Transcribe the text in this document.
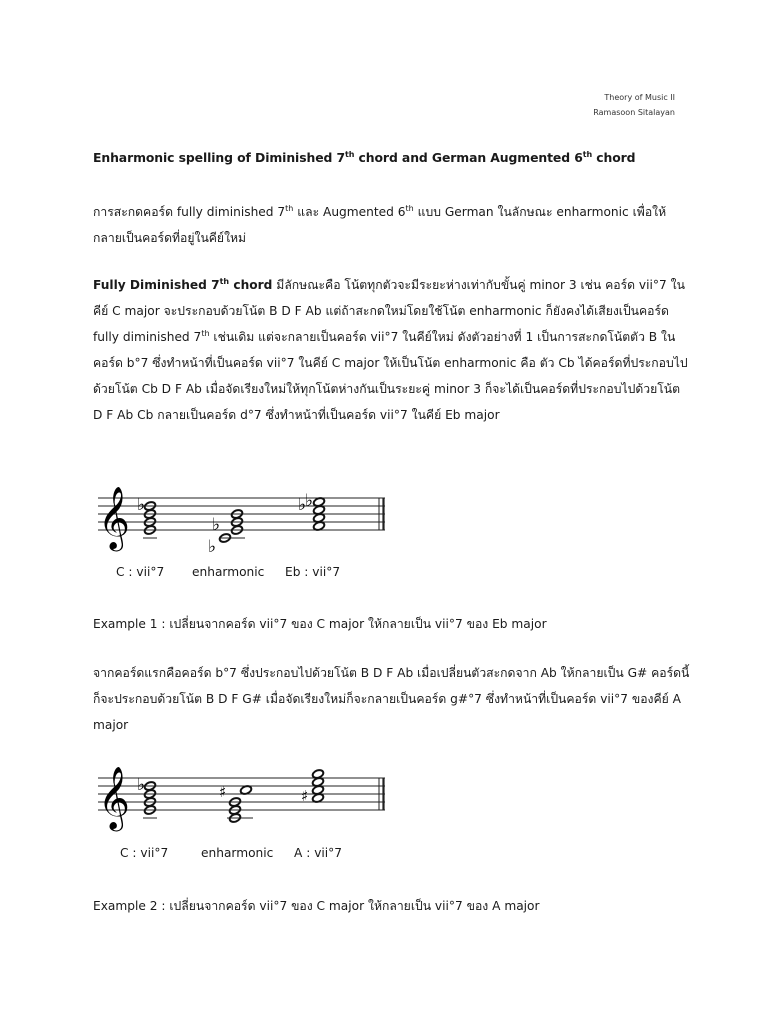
Theory of Music II
Ramasoon Sitalayan
Enharmonic spelling of Diminished 7th chord and German Augmented 6th chord
การสะกดคอร์ด fully diminished 7th และ Augmented 6th แบบ German ในลักษณะ enharmonic เพื่อให้กลายเป็นคอร์ดที่อยู่ในคีย์ใหม่
Fully Diminished 7th chord มีลักษณะคือ โน้ตทุกตัวจะมีระยะห่างเท่ากับขั้นคู่ minor 3 เช่น คอร์ด vii°7 ในคีย์ C major จะประกอบด้วยโน้ต B D F Ab แต่ถ้าสะกดใหม่โดยใช้โน้ต enharmonic ก็ยังคงได้เสียงเป็นคอร์ด fully diminished 7th เช่นเดิม แต่จะกลายเป็นคอร์ด vii°7 ในคีย์ใหม่ ดังตัวอย่างที่ 1 เป็นการสะกดโน้ตตัว B ในคอร์ด b°7 ซึ่งทำหน้าที่เป็นคอร์ด vii°7 ในคีย์ C major ให้เป็นโน้ต enharmonic คือ ตัว Cb ได้คอร์ดที่ประกอบไปด้วยโน้ต Cb D F Ab เมื่อจัดเรียงใหม่ให้ทุกโน้ตห่างกันเป็นระยะคู่ minor 3 ก็จะได้เป็นคอร์ดที่ประกอบไปด้วยโน้ต D F Ab Cb กลายเป็นคอร์ด d°7 ซึ่งทำหน้าที่เป็นคอร์ด vii°7 ในคีย์ Eb major
𝄞 ♭
♭
♭
♭
♭
C : vii°7 enharmonic Eb : vii°7
Example 1 : เปลี่ยนจากคอร์ด vii°7 ของ C major ให้กลายเป็น vii°7 ของ Eb major
จากคอร์ดแรกคือคอร์ด b°7 ซึ่งประกอบไปด้วยโน้ต B D F Ab เมื่อเปลี่ยนตัวสะกดจาก Ab ให้กลายเป็น G# คอร์ดนี้ก็จะประกอบด้วยโน้ต B D F G# เมื่อจัดเรียงใหม่ก็จะกลายเป็นคอร์ด g#°7 ซึ่งทำหน้าที่เป็นคอร์ด vii°7 ของคีย์ A major
𝄞 ♭	♯	♯
C : vii°7	enharmonic A : vii°7
Example 2 : เปลี่ยนจากคอร์ด vii°7 ของ C major ให้กลายเป็น vii°7 ของ A major
